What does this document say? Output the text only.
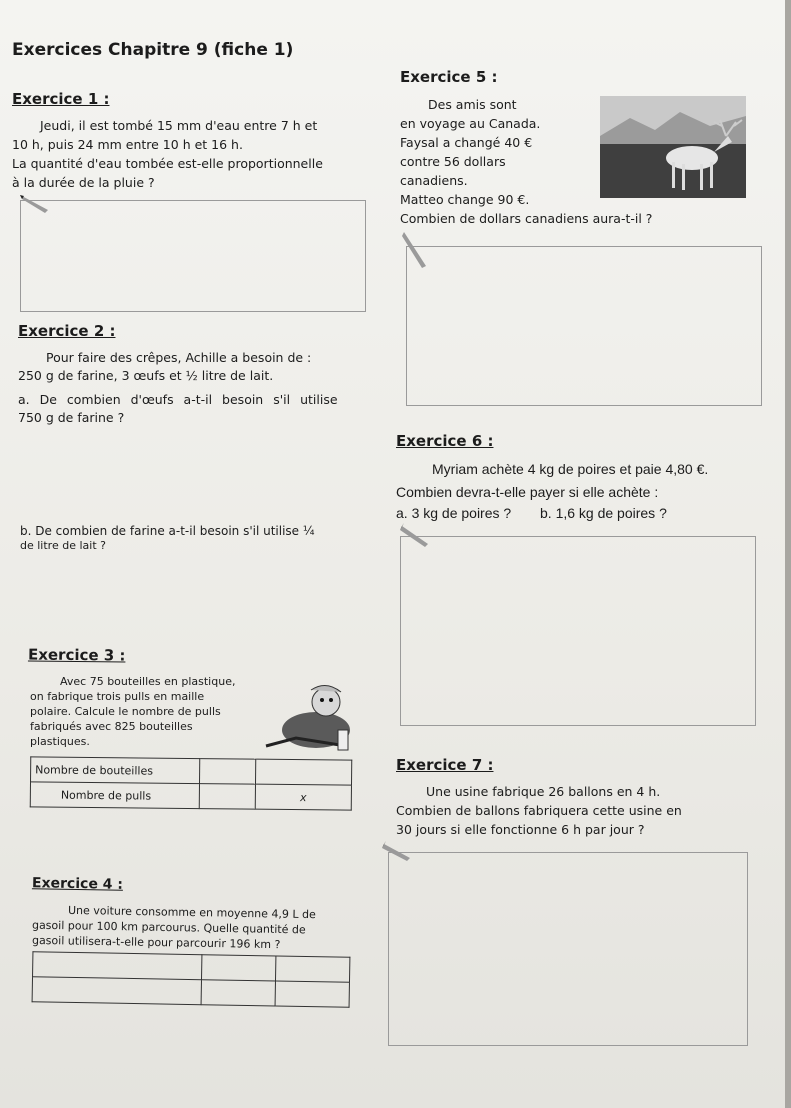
Exercices Chapitre 9 (fiche 1)
Exercice 1 :
Jeudi, il est tombé 15 mm d'eau entre 7 h et
10 h, puis 24 mm entre 10 h et 16 h.
La quantité d'eau tombée est-elle proportionnelle
à la durée de la pluie ?
Exercice 2 :
Pour faire des crêpes, Achille a besoin de :
250 g de farine, 3 œufs et ½ litre de lait.
a. De combien d'œufs a-t-il besoin s'il utilise
750 g de farine ?
b. De combien de farine a-t-il besoin s'il utilise ¼
de litre de lait ?
Exercice 3 :
Avec 75 bouteilles en plastique,
on fabrique trois pulls en maille
polaire. Calcule le nombre de pulls
fabriqués avec 825 bouteilles
plastiques.
Nombre de bouteilles		
Nombre de pulls		x
Exercice 4 :
Une voiture consomme en moyenne 4,9 L de
gasoil pour 100 km parcourus. Quelle quantité de
gasoil utilisera-t-elle pour parcourir 196 km ?

Exercice 5 :
Des amis sont
en voyage au Canada.
Faysal a changé 40 €
contre 56 dollars
canadiens.
Matteo change 90 €.
Combien de dollars canadiens aura-t-il ?
Exercice 6 :
Myriam achète 4 kg de poires et paie 4,80 €.
Combien devra-t-elle payer si elle achète :
a. 3 kg de poires ? b. 1,6 kg de poires ?
Exercice 7 :
Une usine fabrique 26 ballons en 4 h.
Combien de ballons fabriquera cette usine en
30 jours si elle fonctionne 6 h par jour ?
